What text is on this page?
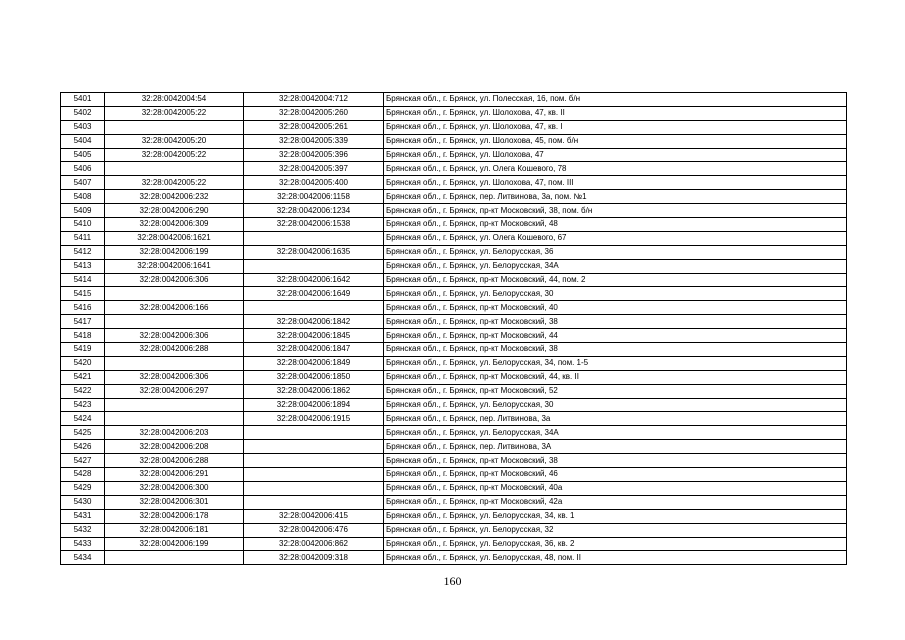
5401	32:28:0042004:54	32:28:0042004:712	Брянская обл., г. Брянск, ул. Полесская, 16, пом. б/н
5402	32:28:0042005:22	32:28:0042005:260	Брянская обл., г. Брянск, ул. Шолохова, 47, кв. II
5403		32:28:0042005:261	Брянская обл., г. Брянск, ул. Шолохова, 47, кв. I
5404	32:28:0042005:20	32:28:0042005:339	Брянская обл., г. Брянск, ул. Шолохова, 45, пом. б/н
5405	32:28:0042005:22	32:28:0042005:396	Брянская обл., г. Брянск, ул. Шолохова, 47
5406		32:28:0042005:397	Брянская обл., г. Брянск, ул. Олега Кошевого, 78
5407	32:28:0042005:22	32:28:0042005:400	Брянская обл., г. Брянск, ул. Шолохова, 47, пом. III
5408	32:28:0042006:232	32:28:0042006:1158	Брянская обл., г. Брянск, пер. Литвинова, 3а, пом. №1
5409	32:28:0042006:290	32:28:0042006:1234	Брянская обл., г. Брянск, пр-кт Московский, 38, пом. б/н
5410	32:28:0042006:309	32:28:0042006:1538	Брянская обл., г. Брянск, пр-кт Московский, 48
5411	32:28:0042006:1621		Брянская обл., г. Брянск, ул. Олега Кошевого, 67
5412	32:28:0042006:199	32:28:0042006:1635	Брянская обл., г. Брянск, ул. Белорусская, 36
5413	32:28:0042006:1641		Брянская обл., г. Брянск, ул. Белорусская, 34А
5414	32:28:0042006:306	32:28:0042006:1642	Брянская обл., г. Брянск, пр-кт Московский, 44, пом. 2
5415		32:28:0042006:1649	Брянская обл., г. Брянск, ул. Белорусская, 30
5416	32:28:0042006:166		Брянская обл., г. Брянск, пр-кт Московский, 40
5417		32:28:0042006:1842	Брянская обл., г. Брянск, пр-кт Московский, 38
5418	32:28:0042006:306	32:28:0042006:1845	Брянская обл., г. Брянск, пр-кт Московский, 44
5419	32:28:0042006:288	32:28:0042006:1847	Брянская обл., г. Брянск, пр-кт Московский, 38
5420		32:28:0042006:1849	Брянская обл., г. Брянск, ул. Белорусская, 34, пом. 1-5
5421	32:28:0042006:306	32:28:0042006:1850	Брянская обл., г. Брянск, пр-кт Московский, 44, кв. II
5422	32:28:0042006:297	32:28:0042006:1862	Брянская обл., г. Брянск, пр-кт Московский, 52
5423		32:28:0042006:1894	Брянская обл., г. Брянск, ул. Белорусская, 30
5424		32:28:0042006:1915	Брянская обл., г. Брянск, пер. Литвинова, 3а
5425	32:28:0042006:203		Брянская обл., г. Брянск, ул. Белорусская, 34А
5426	32:28:0042006:208		Брянская обл., г. Брянск, пер. Литвинова, 3А
5427	32:28:0042006:288		Брянская обл., г. Брянск, пр-кт Московский, 38
5428	32:28:0042006:291		Брянская обл., г. Брянск, пр-кт Московский, 46
5429	32:28:0042006:300		Брянская обл., г. Брянск, пр-кт Московский, 40а
5430	32:28:0042006:301		Брянская обл., г. Брянск, пр-кт Московский, 42а
5431	32:28:0042006:178	32:28:0042006:415	Брянская обл., г. Брянск, ул. Белорусская, 34, кв. 1
5432	32:28:0042006:181	32:28:0042006:476	Брянская обл., г. Брянск, ул. Белорусская, 32
5433	32:28:0042006:199	32:28:0042006:862	Брянская обл., г. Брянск, ул. Белорусская, 36, кв. 2
5434		32:28:0042009:318	Брянская обл., г. Брянск, ул. Белорусская, 48, пом. II
160
